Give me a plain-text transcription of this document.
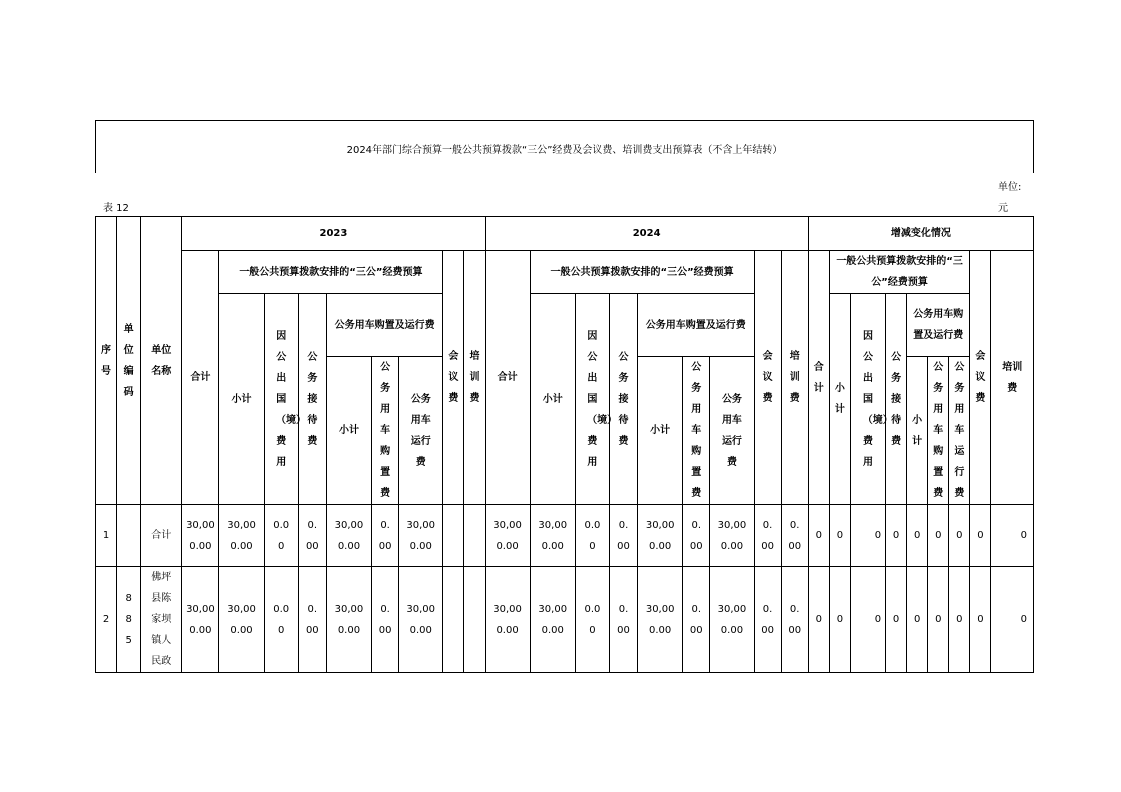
2024年部门综合预算一般公共预算拨款“三公”经费及会议费、培训费支出预算表（不含上年结转）
单位:
元
表 12
序号	单位编码	单位名称	2023									2024									增减变化情况								
			合计	一般公共预算拨款安排的“三公”经费预算						会议费	培训费	合计	一般公共预算拨款安排的“三公”经费预算						会议费	培训费	合计	一般公共预算拨款安排的“三公”经费预算						会议费	培训费
				小计	因公出国（境）费用	公务接待费	公务用车购置及运行费						小计	因公出国（境）费用	公务接待费	公务用车购置及运行费						小计	因公出国（境）费用	公务接待费	公务用车购置及运行费				
							小计	公务用车购置费	公务用车运行费							小计	公务用车购置费	公务用车运行费							小计	公务用车购置费	公务用车运行费		
1		合计	30,000.00	30,000.00	0.00	0.00	30,000.00	0.00	30,000.00			30,000.00	30,000.00	0.00	0.00	30,000.00	0.00	30,000.00	0.00	0.00	0	0	0	0	0	0	0	0	0
2	885	佛坪县陈家坝镇人民政	30,000.00	30,000.00	0.00	0.00	30,000.00	0.00	30,000.00			30,000.00	30,000.00	0.00	0.00	30,000.00	0.00	30,000.00	0.00	0.00	0	0	0	0	0	0	0	0	0
